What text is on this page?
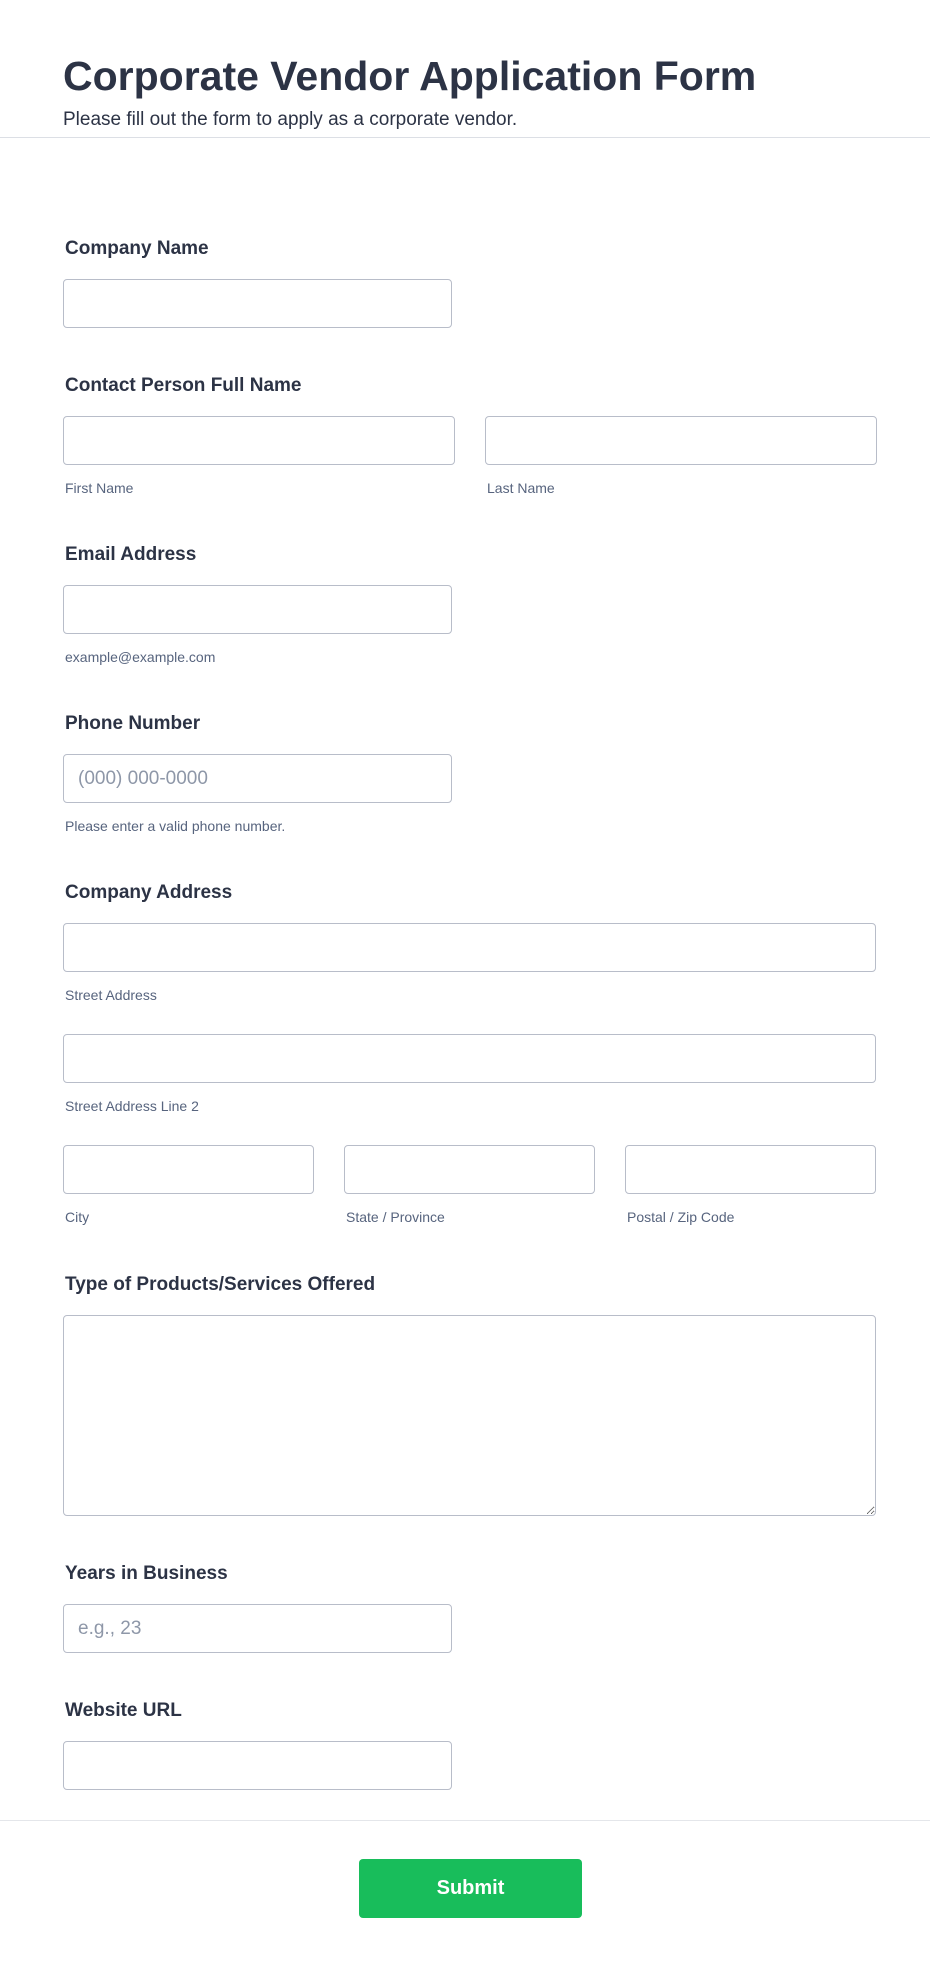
Corporate Vendor Application Form
Please fill out the form to apply as a corporate vendor.
Company Name
Contact Person Full Name
First Name	Last Name
Email Address
example@example.com
Phone Number
(000) 000-0000
Please enter a valid phone number.
Company Address
Street Address
Street Address Line 2
City	State / Province	Postal / Zip Code
Type of Products/Services Offered
Years in Business
e.g., 23
Website URL
Submit
